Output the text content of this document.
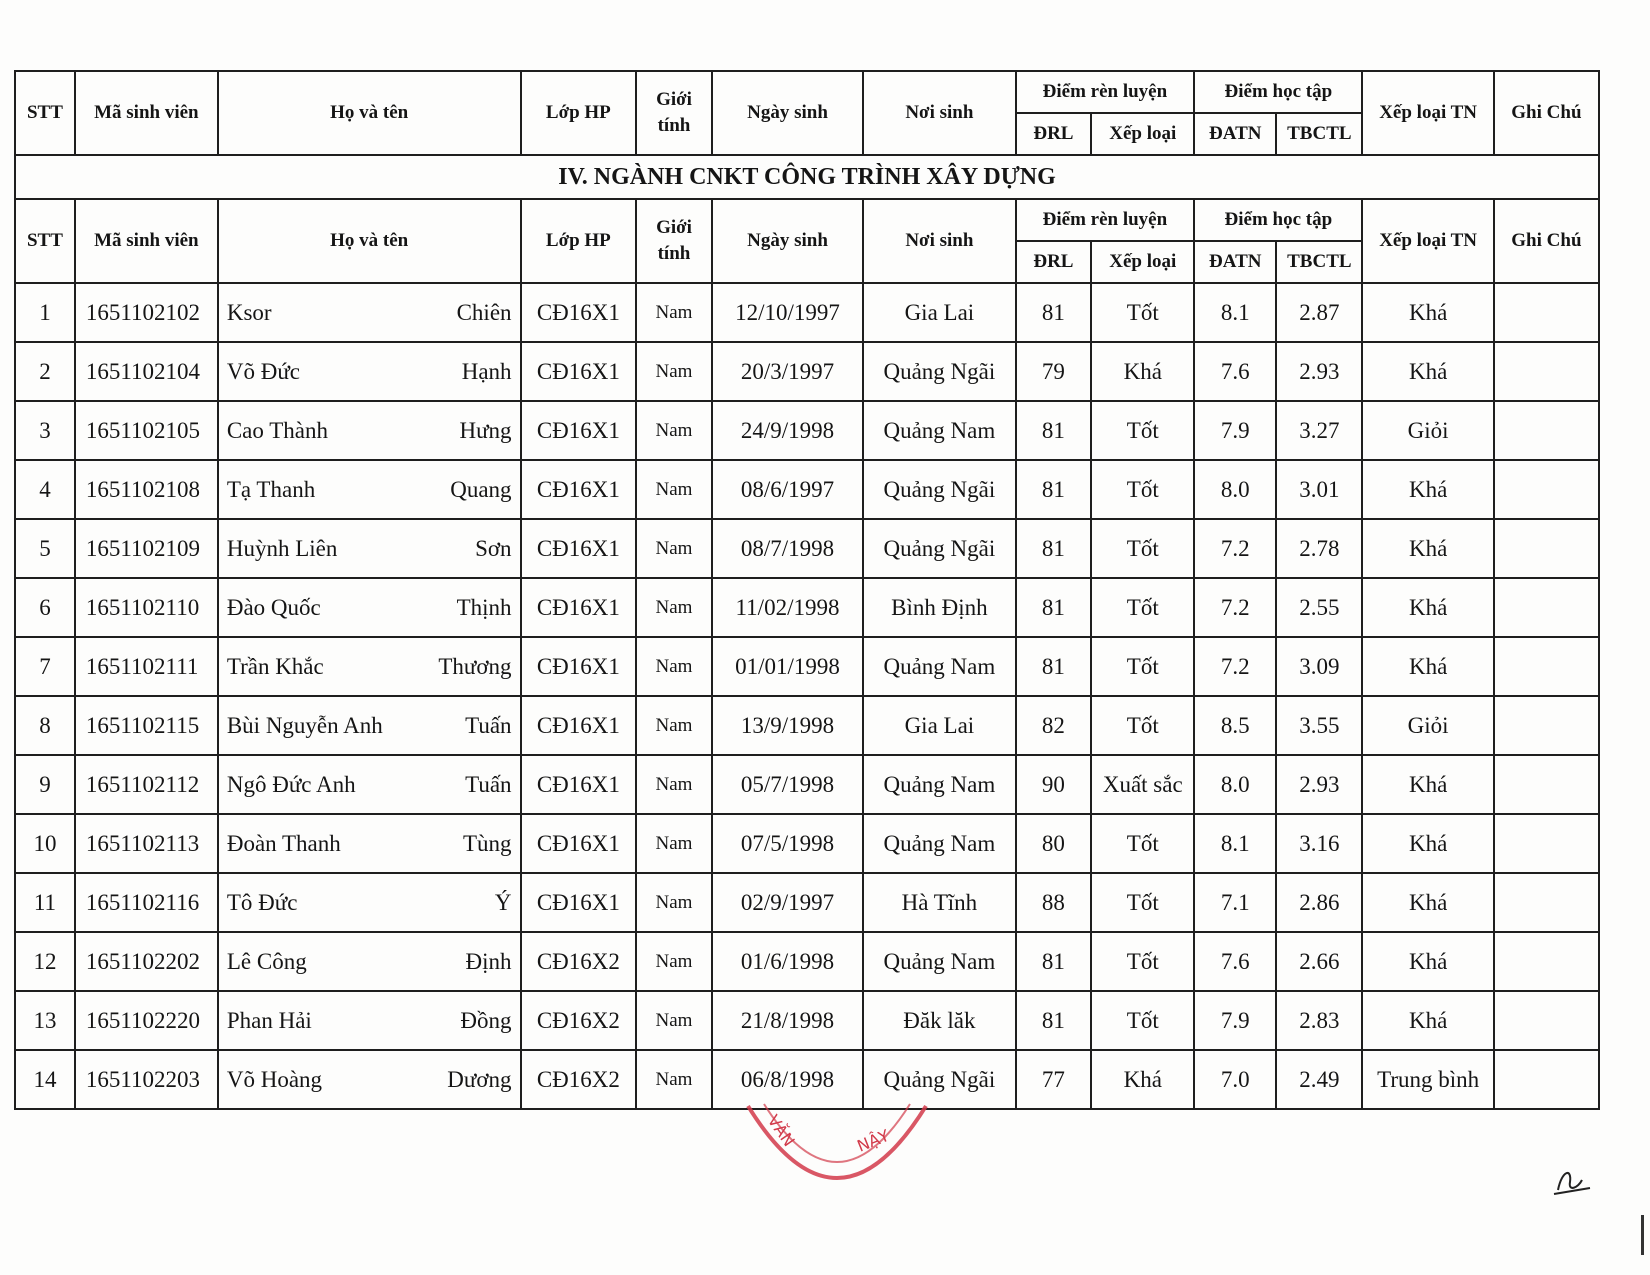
STT	Mã sinh viên	Họ và tên	Lớp HP	Giới tính	Ngày sinh	Nơi sinh	Điểm rèn luyện		Điểm học tập		Xếp loại TN	Ghi Chú
							ĐRL	Xếp loại	ĐATN	TBCTL		
IV. NGÀNH CNKT CÔNG TRÌNH XÂY DỰNG												
STT	Mã sinh viên	Họ và tên	Lớp HP	Giới tính	Ngày sinh	Nơi sinh	Điểm rèn luyện		Điểm học tập		Xếp loại TN	Ghi Chú
							ĐRL	Xếp loại	ĐATN	TBCTL		
1	1651102102	Ksor Chiên	CĐ16X1	Nam	12/10/1997	Gia Lai	81	Tốt	8.1	2.87	Khá	
2	1651102104	Võ Đức Hạnh	CĐ16X1	Nam	20/3/1997	Quảng Ngãi	79	Khá	7.6	2.93	Khá	
3	1651102105	Cao Thành Hưng	CĐ16X1	Nam	24/9/1998	Quảng Nam	81	Tốt	7.9	3.27	Giỏi	
4	1651102108	Tạ Thanh Quang	CĐ16X1	Nam	08/6/1997	Quảng Ngãi	81	Tốt	8.0	3.01	Khá	
5	1651102109	Huỳnh Liên Sơn	CĐ16X1	Nam	08/7/1998	Quảng Ngãi	81	Tốt	7.2	2.78	Khá	
6	1651102110	Đào Quốc Thịnh	CĐ16X1	Nam	11/02/1998	Bình Định	81	Tốt	7.2	2.55	Khá	
7	1651102111	Trần Khắc Thương	CĐ16X1	Nam	01/01/1998	Quảng Nam	81	Tốt	7.2	3.09	Khá	
8	1651102115	Bùi Nguyễn Anh Tuấn	CĐ16X1	Nam	13/9/1998	Gia Lai	82	Tốt	8.5	3.55	Giỏi	
9	1651102112	Ngô Đức Anh Tuấn	CĐ16X1	Nam	05/7/1998	Quảng Nam	90	Xuất sắc	8.0	2.93	Khá	
10	1651102113	Đoàn Thanh Tùng	CĐ16X1	Nam	07/5/1998	Quảng Nam	80	Tốt	8.1	3.16	Khá	
11	1651102116	Tô Đức Ý	CĐ16X1	Nam	02/9/1997	Hà Tĩnh	88	Tốt	7.1	2.86	Khá	
12	1651102202	Lê Công Định	CĐ16X2	Nam	01/6/1998	Quảng Nam	81	Tốt	7.6	2.66	Khá	
13	1651102220	Phan Hải Đồng	CĐ16X2	Nam	21/8/1998	Đăk lăk	81	Tốt	7.9	2.83	Khá	
14	1651102203	Võ Hoàng Dương	CĐ16X2	Nam	06/8/1998	Quảng Ngãi	77	Khá	7.0	2.49	Trung bình	
VĂN	NẬY
